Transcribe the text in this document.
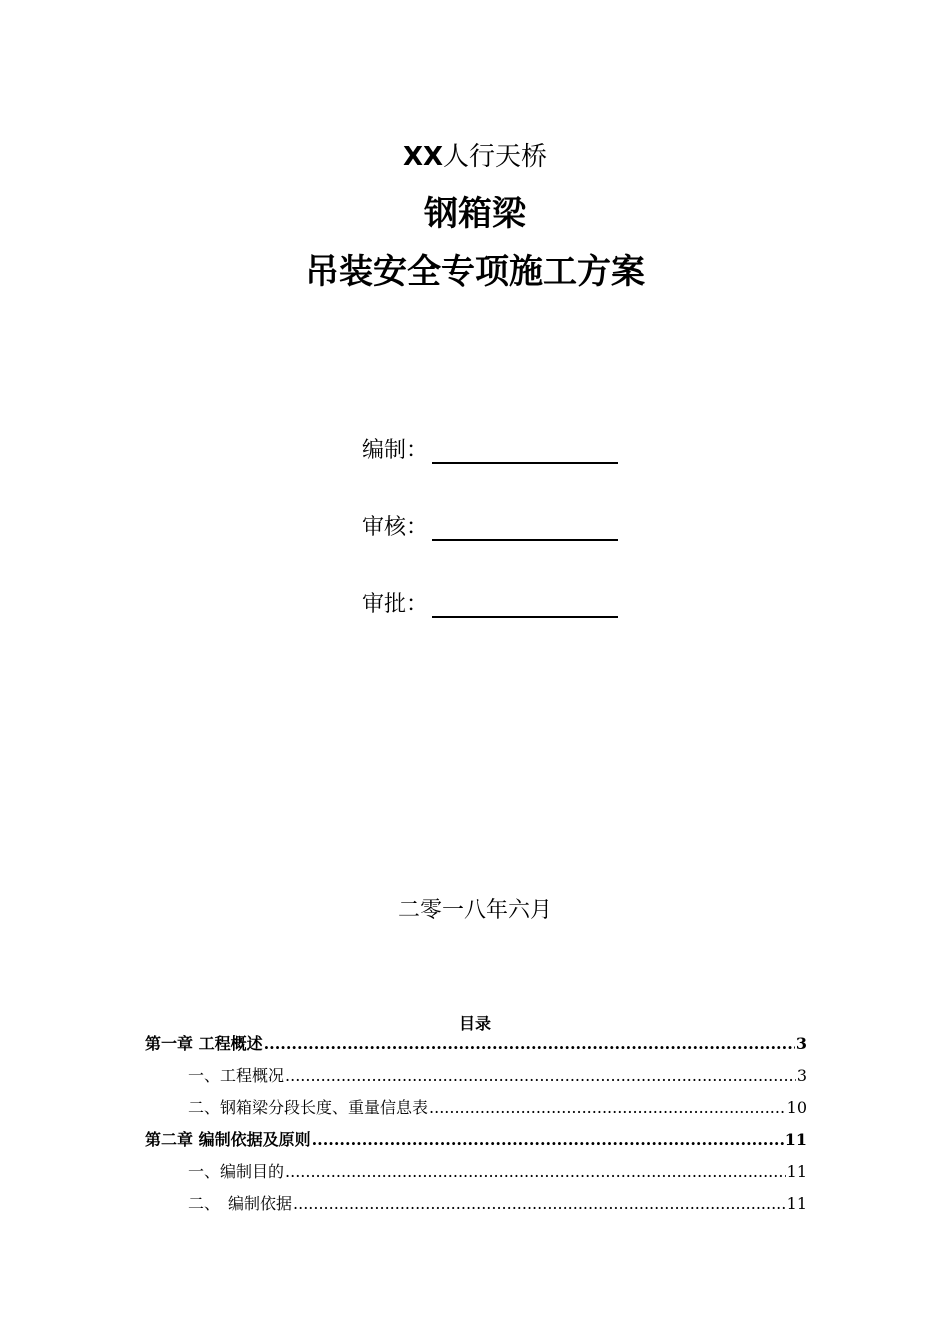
XX人行天桥
钢箱梁
吊装安全专项施工方案
编制：
审核：
审批：
二零一八年六月
目录
第一章 工程概述 .....	3
一、工程概况 .....	3
二、钢箱梁分段长度、重量信息表 .....	10
第二章 编制依据及原则 .....	11
一、编制目的 .....	11
二、　编制依据 .....	11
